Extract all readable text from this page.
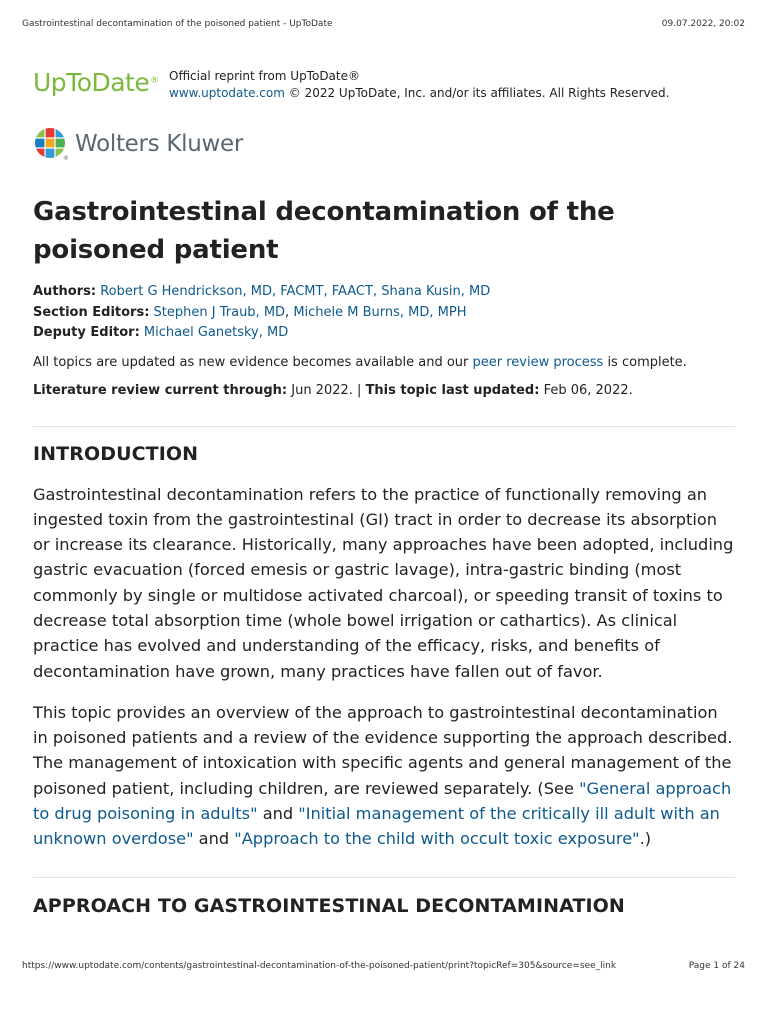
Gastrointestinal decontamination of the poisoned patient - UpToDate	09.07.2022, 20:02
UpToDate ® Official reprint from UpToDate®
www.uptodate.com © 2022 UpToDate, Inc. and/or its affiliates. All Rights Reserved.
®
Wolters Kluwer
Gastrointestinal decontamination of the poisoned patient
Authors: Robert G Hendrickson, MD, FACMT, FAACT, Shana Kusin, MD
Section Editors: Stephen J Traub, MD, Michele M Burns, MD, MPH
Deputy Editor: Michael Ganetsky, MD
All topics are updated as new evidence becomes available and our peer review process is complete.
Literature review current through: Jun 2022. | This topic last updated: Feb 06, 2022.
INTRODUCTION

Gastrointestinal decontamination refers to the practice of functionally removing an ingested toxin from the gastrointestinal (GI) tract in order to decrease its absorption or increase its clearance. Historically, many approaches have been adopted, including gastric evacuation (forced emesis or gastric lavage), intra-gastric binding (most commonly by single or multidose activated charcoal), or speeding transit of toxins to decrease total absorption time (whole bowel irrigation or cathartics). As clinical practice has evolved and understanding of the efficacy, risks, and benefits of decontamination have grown, many practices have fallen out of favor.

This topic provides an overview of the approach to gastrointestinal decontamination in poisoned patients and a review of the evidence supporting the approach described. The management of intoxication with specific agents and general management of the poisoned patient, including children, are reviewed separately. (See "General approach to drug poisoning in adults" and "Initial management of the critically ill adult with an unknown overdose" and "Approach to the child with occult toxic exposure".)

APPROACH TO GASTROINTESTINAL DECONTAMINATION
https://www.uptodate.com/contents/gastrointestinal-decontamination-of-the-poisoned-patient/print?topicRef=305&source=see_link	Page 1 of 24
